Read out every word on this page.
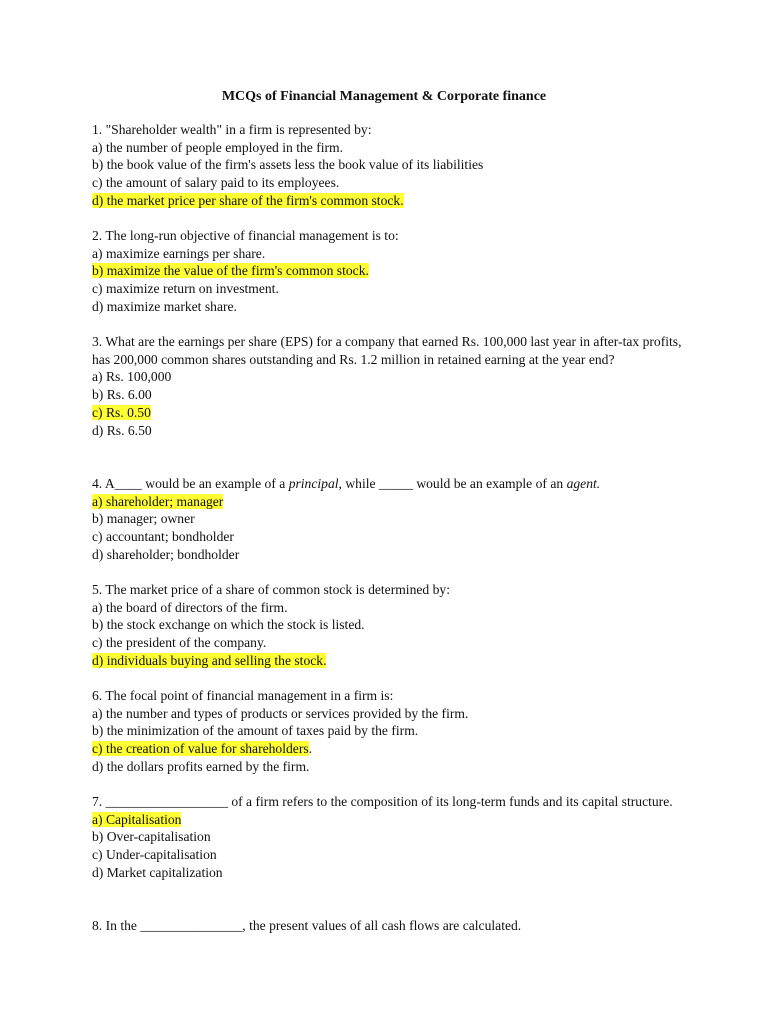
MCQs of Financial Management & Corporate finance
1. "Shareholder wealth" in a firm is represented by:
a) the number of people employed in the firm.
b) the book value of the firm's assets less the book value of its liabilities
c) the amount of salary paid to its employees.
d) the market price per share of the firm's common stock.
2. The long-run objective of financial management is to:
a) maximize earnings per share.
b) maximize the value of the firm's common stock.
c) maximize return on investment.
d) maximize market share.
3. What are the earnings per share (EPS) for a company that earned Rs. 100,000 last year in after-tax profits, has 200,000 common shares outstanding and Rs. 1.2 million in retained earning at the year end?
a) Rs. 100,000
b) Rs. 6.00
c) Rs. 0.50
d) Rs. 6.50
4. A____ would be an example of a principal, while _____ would be an example of an agent.
a) shareholder; manager
b) manager; owner
c) accountant; bondholder
d) shareholder; bondholder
5. The market price of a share of common stock is determined by:
a) the board of directors of the firm.
b) the stock exchange on which the stock is listed.
c) the president of the company.
d) individuals buying and selling the stock.
6. The focal point of financial management in a firm is:
a) the number and types of products or services provided by the firm.
b) the minimization of the amount of taxes paid by the firm.
c) the creation of value for shareholders.
d) the dollars profits earned by the firm.
7. __________________ of a firm refers to the composition of its long-term funds and its capital structure.
a) Capitalisation
b) Over-capitalisation
c) Under-capitalisation
d) Market capitalization
8. In the _______________, the present values of all cash flows are calculated.
